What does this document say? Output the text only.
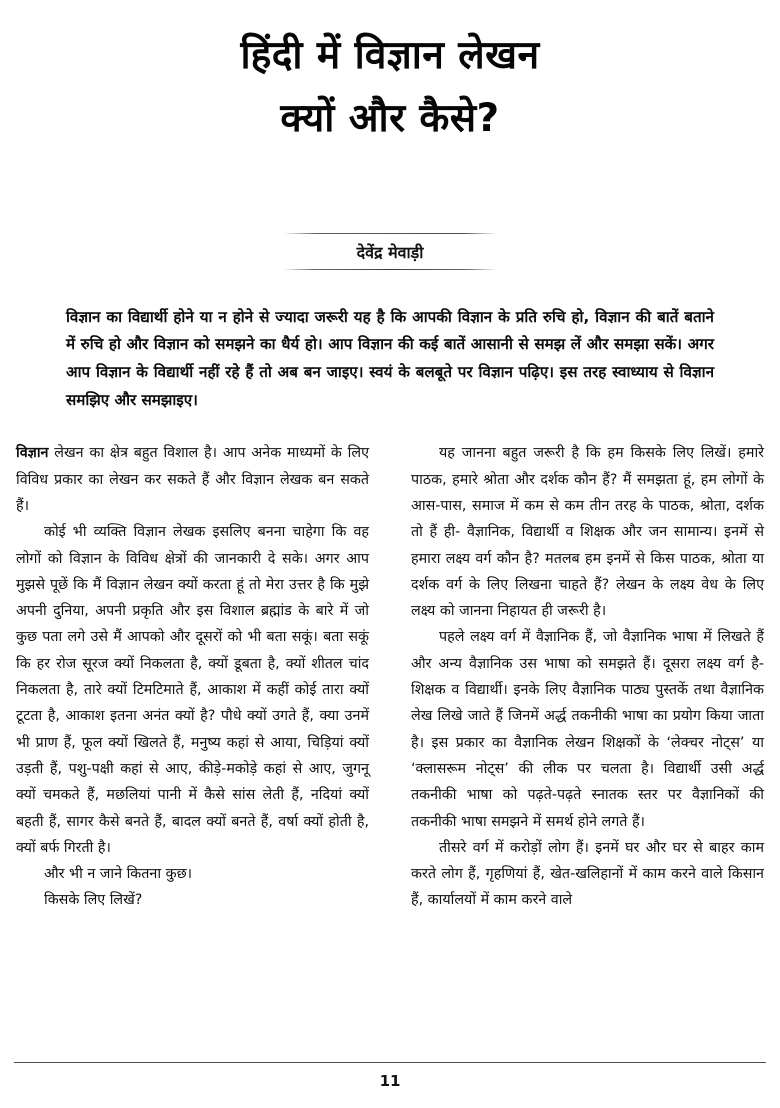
हिंदी में विज्ञान लेखन
क्यों और कैसे?
देवेंद्र मेवाड़ी
विज्ञान का विद्यार्थी होने या न होने से ज्यादा जरूरी यह है कि आपकी विज्ञान के प्रति रुचि हो, विज्ञान की बातें बताने में रुचि हो और विज्ञान को समझने का धैर्य हो। आप विज्ञान की कई बातें आसानी से समझ लें और समझा सकें। अगर आप विज्ञान के विद्यार्थी नहीं रहे हैं तो अब बन जाइए। स्वयं के बलबूते पर विज्ञान पढ़िए। इस तरह स्वाध्याय से विज्ञान समझिए और समझाइए।

विज्ञान लेखन का क्षेत्र बहुत विशाल है। आप अनेक माध्यमों के लिए विविध प्रकार का लेखन कर सकते हैं और विज्ञान लेखक बन सकते हैं।

कोई भी व्यक्ति विज्ञान लेखक इसलिए बनना चाहेगा कि वह लोगों को विज्ञान के विविध क्षेत्रों की जानकारी दे सके। अगर आप मुझसे पूछें कि मैं विज्ञान लेखन क्यों करता हूं तो मेरा उत्तर है कि मुझे अपनी दुनिया, अपनी प्रकृति और इस विशाल ब्रह्मांड के बारे में जो कुछ पता लगे उसे मैं आपको और दूसरों को भी बता सकूं। बता सकूं कि हर रोज सूरज क्यों निकलता है, क्यों डूबता है, क्यों शीतल चांद निकलता है, तारे क्यों टिमटिमाते हैं, आकाश में कहीं कोई तारा क्यों टूटता है, आकाश इतना अनंत क्यों है? पौधे क्यों उगते हैं, क्या उनमें भी प्राण हैं, फूल क्यों खिलते हैं, मनुष्य कहां से आया, चिड़ियां क्यों उड़ती हैं, पशु-पक्षी कहां से आए, कीड़े-मकोड़े कहां से आए, जुगनू क्यों चमकते हैं, मछलियां पानी में कैसे सांस लेती हैं, नदियां क्यों बहती हैं, सागर कैसे बनते हैं, बादल क्यों बनते हैं, वर्षा क्यों होती है, क्यों बर्फ गिरती है।

और भी न जाने कितना कुछ।

किसके लिए लिखें?

यह जानना बहुत जरूरी है कि हम किसके लिए लिखें। हमारे पाठक, हमारे श्रोता और दर्शक कौन हैं? मैं समझता हूं, हम लोगों के आस-पास, समाज में कम से कम तीन तरह के पाठक, श्रोता, दर्शक तो हैं ही- वैज्ञानिक, विद्यार्थी व शिक्षक और जन सामान्य। इनमें से हमारा लक्ष्य वर्ग कौन है? मतलब हम इनमें से किस पाठक, श्रोता या दर्शक वर्ग के लिए लिखना चाहते हैं? लेखन के लक्ष्य वेध के लिए लक्ष्य को जानना निहायत ही जरूरी है।

पहले लक्ष्य वर्ग में वैज्ञानिक हैं, जो वैज्ञानिक भाषा में लिखते हैं और अन्य वैज्ञानिक उस भाषा को समझते हैं। दूसरा लक्ष्य वर्ग है- शिक्षक व विद्यार्थी। इनके लिए वैज्ञानिक पाठ्य पुस्तकें तथा वैज्ञानिक लेख लिखे जाते हैं जिनमें अर्द्ध तकनीकी भाषा का प्रयोग किया जाता है। इस प्रकार का वैज्ञानिक लेखन शिक्षकों के ‘लेक्चर नोट्स’ या ‘क्लासरूम नोट्स’ की लीक पर चलता है। विद्यार्थी उसी अर्द्ध तकनीकी भाषा को पढ़ते-पढ़ते स्नातक स्तर पर वैज्ञानिकों की तकनीकी भाषा समझने में समर्थ होने लगते हैं।

तीसरे वर्ग में करोड़ों लोग हैं। इनमें घर और घर से बाहर काम करते लोग हैं, गृहणियां हैं, खेत-खलिहानों में काम करने वाले किसान हैं, कार्यालयों में काम करने वाले

11
